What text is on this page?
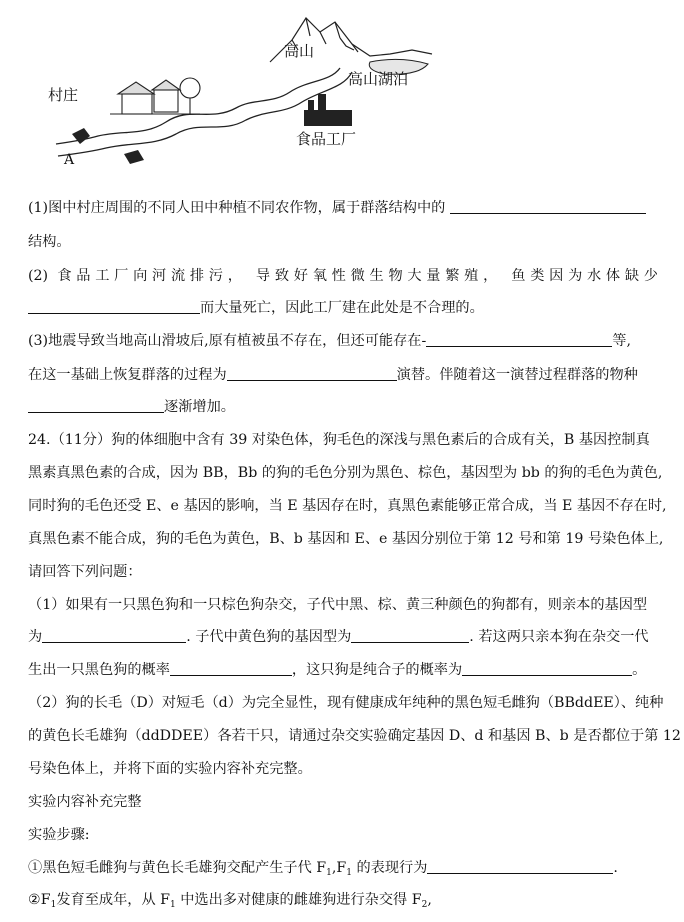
村庄
高山
高山湖泊
食品工厂
A
(1)图中村庄周围的不同人田中种植不同农作物，属于群落结构中的
结构。
(2) 食品工厂向河流排污， 导致好氧性微生物大量繁殖， 鱼类因为水体缺少
而大量死亡，因此工厂建在此处是不合理的。
(3)地震导致当地高山滑坡后,原有植被虽不存在，但还可能存在-	等,
在这一基础上恢复群落的过程为	演替。伴随着这一演替过程群落的物种
逐渐增加。
24.（11分）狗的体细胞中含有 39 对染色体，狗毛色的深浅与黑色素后的合成有关，B 基因控制真
黑素真黑色素的合成，因为 BB，Bb 的狗的毛色分别为黑色、棕色，基因型为 bb 的狗的毛色为黄色,
同时狗的毛色还受 E、e 基因的影响，当 E 基因存在时，真黑色素能够正常合成，当 E 基因不存在时,
真黑色素不能合成，狗的毛色为黄色，B、b 基因和 E、e 基因分别位于第 12 号和第 19 号染色体上,
请回答下列问题：
（1）如果有一只黑色狗和一只棕色狗杂交，子代中黑、棕、黄三种颜色的狗都有，则亲本的基因型
为	. 子代中黄色狗的基因型为	. 若这两只亲本狗在杂交一代
生出一只黑色狗的概率	，这只狗是纯合子的概率为	。
（2）狗的长毛（D）对短毛（d）为完全显性，现有健康成年纯种的黑色短毛雌狗（BBddEE）、纯种
的黄色长毛雄狗（ddDDEE）各若干只，请通过杂交实验确定基因 D、d 和基因 B、b 是否都位于第 12
号染色体上，并将下面的实验内容补充完整。
实验内容补充完整
实验步骤:
①黑色短毛雌狗与黄色长毛雄狗交配产生子代 $F_1,F_1$ 的表现行为	.
$②F_1$发育至成年，从 $F_1$ 中选出多对健康的雌雄狗进行杂交得 $F_2$,
